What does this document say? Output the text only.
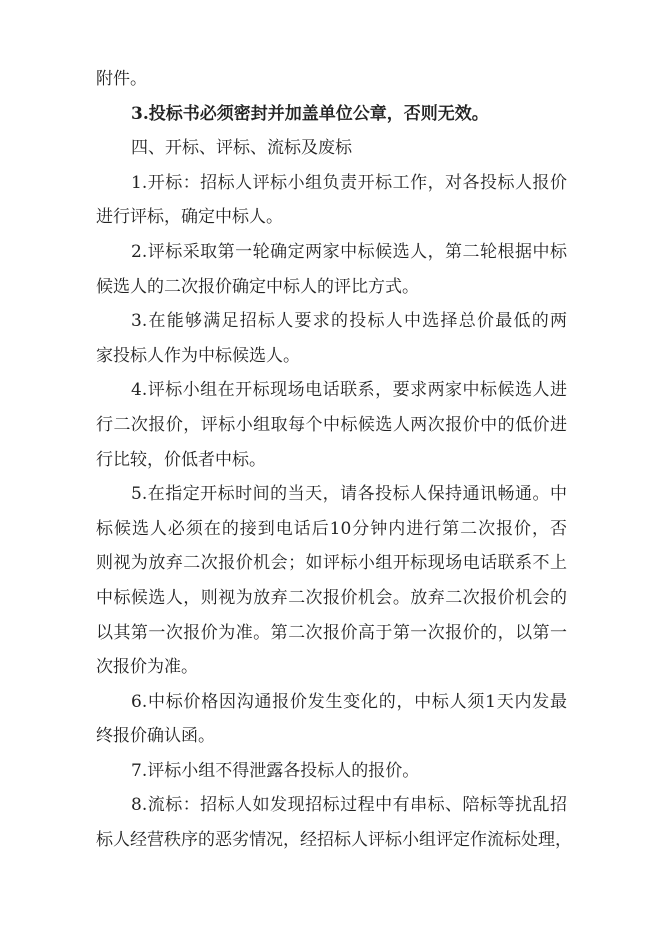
附件。
3.投标书必须密封并加盖单位公章，否则无效。
四、开标、评标、流标及废标
1.开标：招标人评标小组负责开标工作，对各投标人报价
进行评标，确定中标人。
2.评标采取第一轮确定两家中标候选人，第二轮根据中标
候选人的二次报价确定中标人的评比方式。
3.在能够满足招标人要求的投标人中选择总价最低的两
家投标人作为中标候选人。
4.评标小组在开标现场电话联系，要求两家中标候选人进
行二次报价，评标小组取每个中标候选人两次报价中的低价进
行比较，价低者中标。
5.在指定开标时间的当天，请各投标人保持通讯畅通。中
标候选人必须在的接到电话后10分钟内进行第二次报价，否
则视为放弃二次报价机会；如评标小组开标现场电话联系不上
中标候选人，则视为放弃二次报价机会。放弃二次报价机会的
以其第一次报价为准。第二次报价高于第一次报价的，以第一
次报价为准。
6.中标价格因沟通报价发生变化的，中标人须1天内发最
终报价确认函。
7.评标小组不得泄露各投标人的报价。
8.流标：招标人如发现招标过程中有串标、陪标等扰乱招
标人经营秩序的恶劣情况，经招标人评标小组评定作流标处理，
